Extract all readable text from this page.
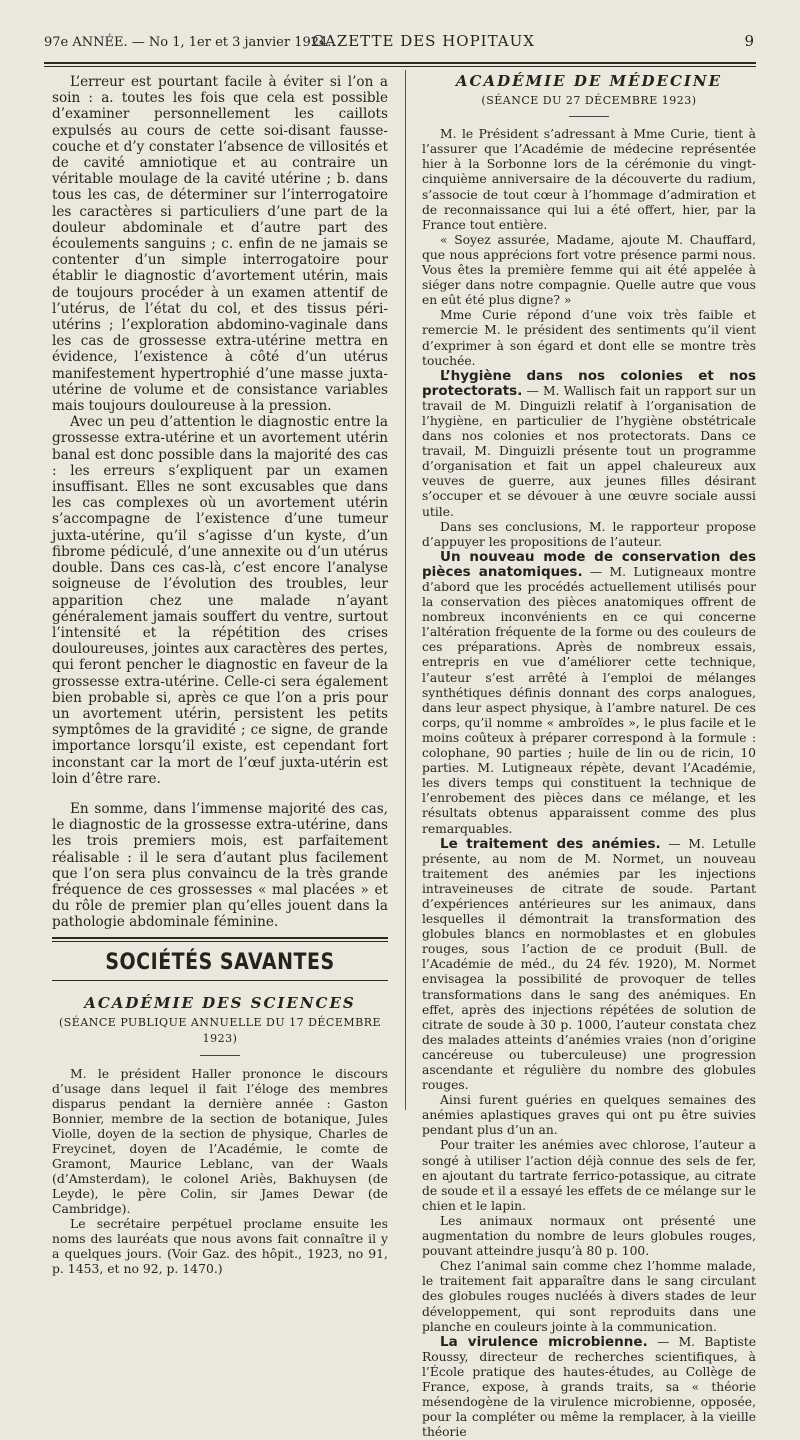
97e ANNÉE. — No 1, 1er et 3 janvier 1924.
GAZETTE DES HOPITAUX	9

L’erreur est pourtant facile à éviter si l’on a soin : a. toutes les fois que cela est possible d’examiner personnellement les caillots expulsés au cours de cette soi-disant fausse-couche et d’y constater l’absence de villosités et de cavité amniotique et au contraire un véritable moulage de la cavité utérine ; b. dans tous les cas, de déterminer sur l’interrogatoire les caractères si particuliers d’une part de la douleur abdominale et d’autre part des écoulements sanguins ; c. enfin de ne jamais se contenter d’un simple interrogatoire pour établir le diagnostic d’avortement utérin, mais de toujours procéder à un examen attentif de l’utérus, de l’état du col, et des tissus péri-utérins ; l’exploration abdomino-vaginale dans les cas de grossesse extra-utérine mettra en évidence, l’existence à côté d’un utérus manifestement hypertrophié d’une masse juxta-utérine de volume et de consistance variables mais toujours douloureuse à la pression.

Avec un peu d’attention le diagnostic entre la grossesse extra-utérine et un avortement utérin banal est donc possible dans la majorité des cas : les erreurs s’expliquent par un examen insuffisant. Elles ne sont excusables que dans les cas complexes où un avortement utérin s’accompagne de l’existence d’une tumeur juxta-utérine, qu’il s’agisse d’un kyste, d’un fibrome pédiculé, d’une annexite ou d’un utérus double. Dans ces cas-là, c’est encore l’analyse soigneuse de l’évolution des troubles, leur apparition chez une malade n’ayant généralement jamais souffert du ventre, surtout l’intensité et la répétition des crises douloureuses, jointes aux caractères des pertes, qui feront pencher le diagnostic en faveur de la grossesse extra-utérine. Celle-ci sera également bien probable si, après ce que l’on a pris pour un avortement utérin, persistent les petits symptômes de la gravidité ; ce signe, de grande importance lorsqu’il existe, est cependant fort inconstant car la mort de l’œuf juxta-utérin est loin d’être rare.

En somme, dans l’immense majorité des cas, le diagnostic de la grossesse extra-utérine, dans les trois premiers mois, est parfaitement réalisable : il le sera d’autant plus facilement que l’on sera plus convaincu de la très grande fréquence de ces grossesses « mal placées » et du rôle de premier plan qu’elles jouent dans la pathologie abdominale féminine.

SOCIÉTÉS SAVANTES
ACADÉMIE DES SCIENCES
(SÉANCE PUBLIQUE ANNUELLE DU 17 DÉCEMBRE 1923)

M. le président Haller prononce le discours d’usage dans lequel il fait l’éloge des membres disparus pendant la dernière année : Gaston Bonnier, membre de la section de botanique, Jules Violle, doyen de la section de physique, Charles de Freycinet, doyen de l’Académie, le comte de Gramont, Maurice Leblanc, van der Waals (d’Amsterdam), le colonel Ariès, Bakhuysen (de Leyde), le père Colin, sir James Dewar (de Cambridge).

Le secrétaire perpétuel proclame ensuite les noms des lauréats que nous avons fait connaître il y a quelques jours. (Voir Gaz. des hôpit., 1923, no 91, p. 1453, et no 92, p. 1470.)

ACADÉMIE DE MÉDECINE
(SÉANCE DU 27 DÉCEMBRE 1923)

M. le Président s’adressant à Mme Curie, tient à l’assurer que l’Académie de médecine représentée hier à la Sorbonne lors de la cérémonie du vingt-cinquième anniversaire de la découverte du radium, s’associe de tout cœur à l’hommage d’admiration et de reconnaissance qui lui a été offert, hier, par la France tout entière.

« Soyez assurée, Madame, ajoute M. Chauffard, que nous apprécions fort votre présence parmi nous. Vous êtes la première femme qui ait été appelée à siéger dans notre compagnie. Quelle autre que vous en eût été plus digne? »

Mme Curie répond d’une voix très faible et remercie M. le président des sentiments qu’il vient d’exprimer à son égard et dont elle se montre très touchée.

L’hygiène dans nos colonies et nos protectorats. — M. Wallisch fait un rapport sur un travail de M. Dinguizli relatif à l’organisation de l’hygiène, en particulier de l’hygiène obstétricale dans nos colonies et nos protectorats. Dans ce travail, M. Dinguizli présente tout un programme d’organisation et fait un appel chaleureux aux veuves de guerre, aux jeunes filles désirant s’occuper et se dévouer à une œuvre sociale aussi utile.

Dans ses conclusions, M. le rapporteur propose d’appuyer les propositions de l’auteur.

Un nouveau mode de conservation des pièces anatomiques. — M. Lutigneaux montre d’abord que les procédés actuellement utilisés pour la conservation des pièces anatomiques offrent de nombreux inconvénients en ce qui concerne l’altération fréquente de la forme ou des couleurs de ces préparations. Après de nombreux essais, entrepris en vue d’améliorer cette technique, l’auteur s’est arrêté à l’emploi de mélanges synthétiques définis donnant des corps analogues, dans leur aspect physique, à l’ambre naturel. De ces corps, qu’il nomme « ambroïdes », le plus facile et le moins coûteux à préparer correspond à la formule : colophane, 90 parties ; huile de lin ou de ricin, 10 parties. M. Lutigneaux répète, devant l’Académie, les divers temps qui constituent la technique de l’enrobement des pièces dans ce mélange, et les résultats obtenus apparaissent comme des plus remarquables.

Le traitement des anémies. — M. Letulle présente, au nom de M. Normet, un nouveau traitement des anémies par les injections intraveineuses de citrate de soude. Partant d’expériences antérieures sur les animaux, dans lesquelles il démontrait la transformation des globules blancs en normoblastes et en globules rouges, sous l’action de ce produit (Bull. de l’Académie de méd., du 24 fév. 1920), M. Normet envisagea la possibilité de provoquer de telles transformations dans le sang des anémiques. En effet, après des injections répétées de solution de citrate de soude à 30 p. 1000, l’auteur constata chez des malades atteints d’anémies vraies (non d’origine cancéreuse ou tuberculeuse) une progression ascendante et régulière du nombre des globules rouges.

Ainsi furent guéries en quelques semaines des anémies aplastiques graves qui ont pu être suivies pendant plus d’un an.

Pour traiter les anémies avec chlorose, l’auteur a songé à utiliser l’action déjà connue des sels de fer, en ajoutant du tartrate ferrico-potassique, au citrate de soude et il a essayé les effets de ce mélange sur le chien et le lapin.

Les animaux normaux ont présenté une augmentation du nombre de leurs globules rouges, pouvant atteindre jusqu’à 80 p. 100.

Chez l’animal sain comme chez l’homme malade, le traitement fait apparaître dans le sang circulant des globules rouges nucléés à divers stades de leur développement, qui sont reproduits dans une planche en couleurs jointe à la communication.

La virulence microbienne. — M. Baptiste Roussy, directeur de recherches scientifiques, à l’École pratique des hautes-études, au Collège de France, expose, à grands traits, sa « théorie mésendogène de la virulence microbienne, opposée, pour la compléter ou même la remplacer, à la vieille théorie
